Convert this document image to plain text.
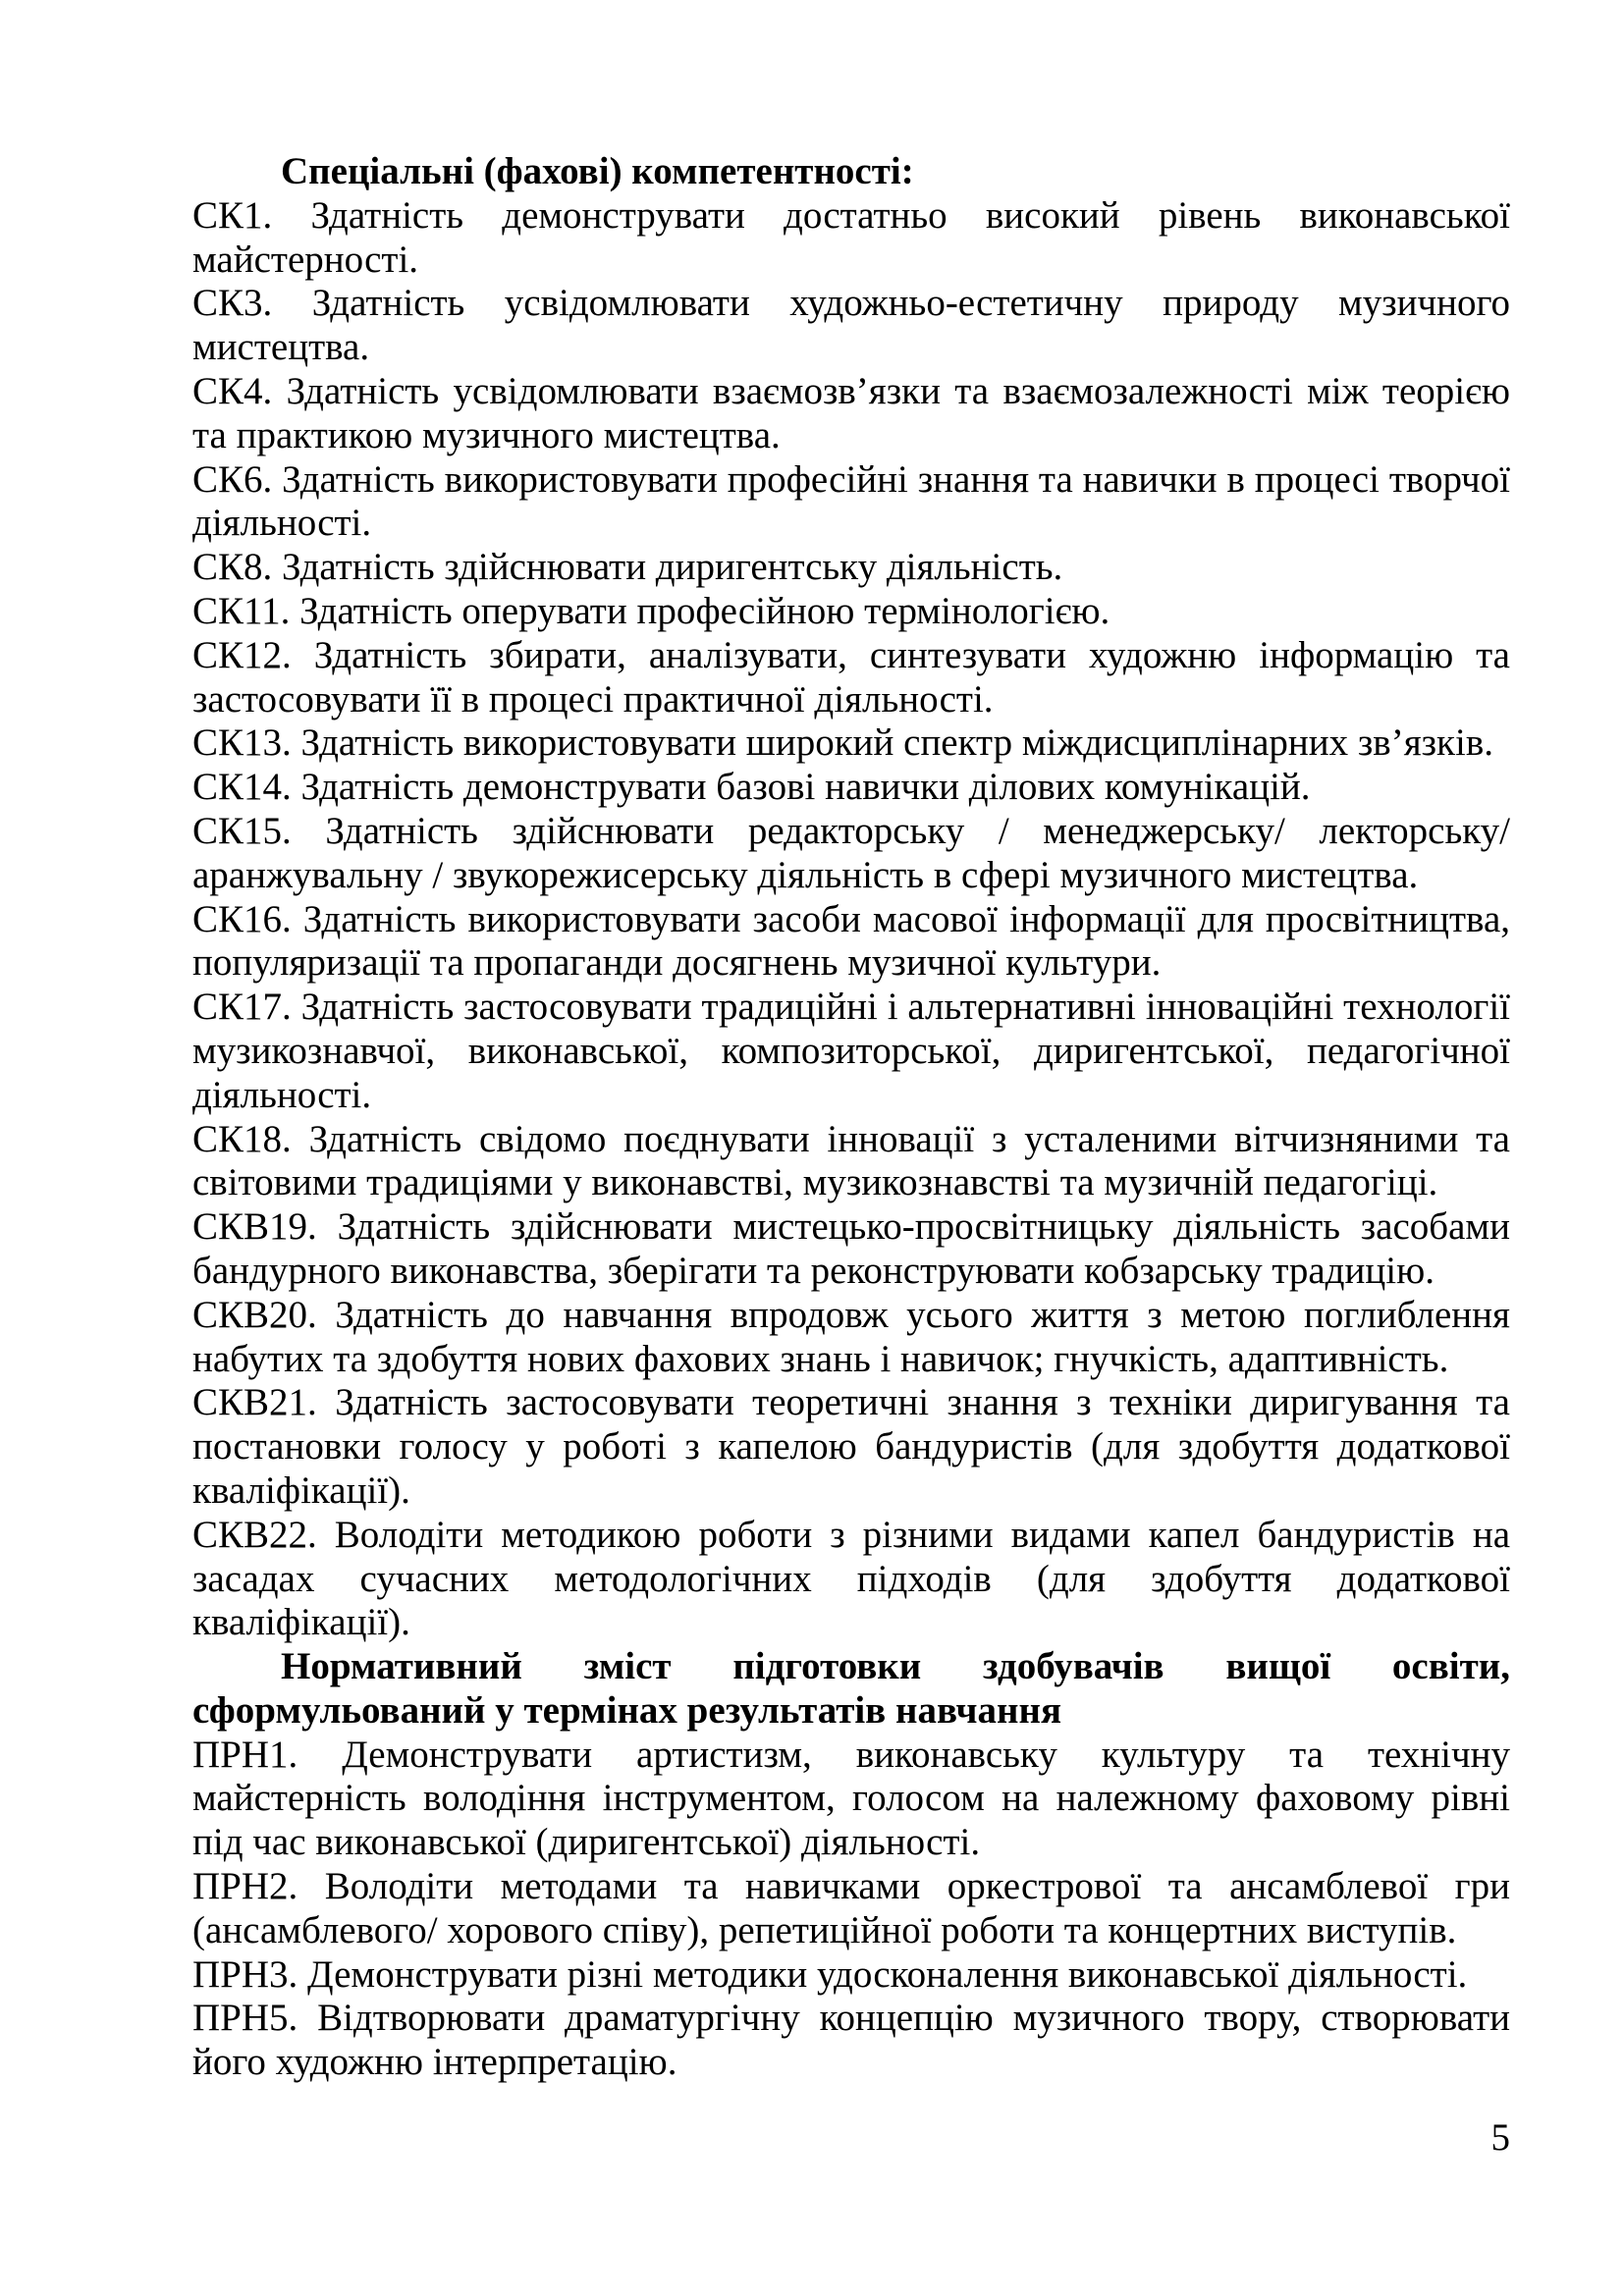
Спеціальні (фахові) компетентності:

СК1. Здатність демонструвати достатньо високий рівень виконавської майстерності.

СК3. Здатність усвідомлювати художньо-естетичну природу музичного мистецтва.

СК4. Здатність усвідомлювати взаємозв’язки та взаємозалежності між теорією та практикою музичного мистецтва.

СК6. Здатність використовувати професійні знання та навички в процесі творчої діяльності.

СК8. Здатність здійснювати диригентську діяльність.

СК11. Здатність оперувати професійною термінологією.

СК12. Здатність збирати, аналізувати, синтезувати художню інформацію та застосовувати її в процесі практичної діяльності.

СК13. Здатність використовувати широкий спектр міждисциплінарних зв’язків.

СК14. Здатність демонструвати базові навички ділових комунікацій.

СК15. Здатність здійснювати редакторську / менеджерську/ лекторську/ аранжувальну / звукорежисерську діяльність в сфері музичного мистецтва.

СК16. Здатність використовувати засоби масової інформації для просвітництва, популяризації та пропаганди досягнень музичної культури.

СК17. Здатність застосовувати традиційні і альтернативні інноваційні технології музикознавчої, виконавської, композиторської, диригентської, педагогічної діяльності.

СК18. Здатність свідомо поєднувати інновації з усталеними вітчизняними та світовими традиціями у виконавстві, музикознавстві та музичній педагогіці.

СКВ19. Здатність здійснювати мистецько-просвітницьку діяльність засобами бандурного виконавства, зберігати та реконструювати кобзарську традицію.

СКВ20. Здатність до навчання впродовж усього життя з метою поглиблення набутих та здобуття нових фахових знань і навичок; гнучкість, адаптивність.

СКВ21. Здатність застосовувати теоретичні знання з техніки диригування та постановки голосу у роботі з капелою бандуристів (для здобуття додаткової кваліфікації).

СКВ22. Володіти методикою роботи з різними видами капел бандуристів на засадах сучасних методологічних підходів (для здобуття додаткової кваліфікації).

Нормативний зміст підготовки здобувачів вищої освіти, сформульований у термінах результатів навчання

ПРН1. Демонструвати артистизм, виконавську культуру та технічну майстерність володіння інструментом, голосом на належному фаховому рівні під час виконавської (диригентської) діяльності.

ПРН2. Володіти методами та навичками оркестрової та ансамблевої гри (ансамблевого/ хорового співу), репетиційної роботи та концертних виступів.

ПРН3. Демонструвати різні методики удосконалення виконавської діяльності.

ПРН5. Відтворювати драматургічну концепцію музичного твору, створювати його художню інтерпретацію.

5
